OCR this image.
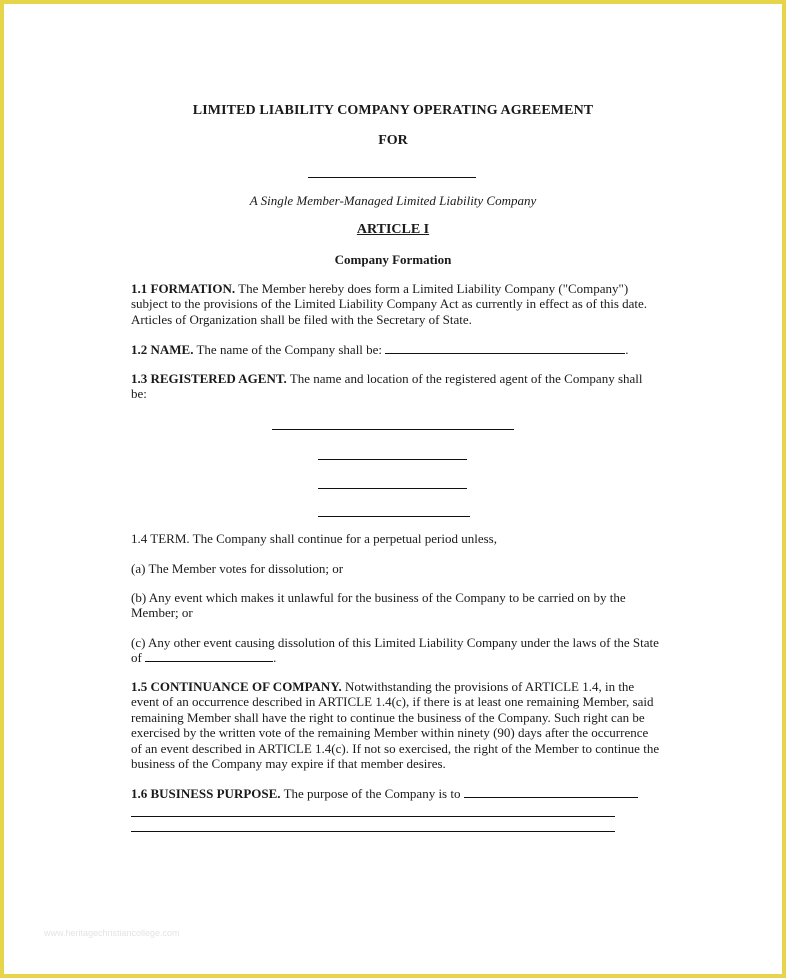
LIMITED LIABILITY COMPANY OPERATING AGREEMENT
FOR
A Single Member-Managed Limited Liability Company
ARTICLE I
Company Formation
1.1 FORMATION. The Member hereby does form a Limited Liability Company ("Company") subject to the provisions of the Limited Liability Company Act as currently in effect as of this date. Articles of Organization shall be filed with the Secretary of State.
1.2 NAME. The name of the Company shall be:	.
1.3 REGISTERED AGENT. The name and location of the registered agent of the Company shall be:
1.4 TERM. The Company shall continue for a perpetual period unless,
(a) The Member votes for dissolution; or
(b) Any event which makes it unlawful for the business of the Company to be carried on by the Member; or
(c) Any other event causing dissolution of this Limited Liability Company under the laws of the State of	.
1.5 CONTINUANCE OF COMPANY. Notwithstanding the provisions of ARTICLE 1.4, in the event of an occurrence described in ARTICLE 1.4(c), if there is at least one remaining Member, said remaining Member shall have the right to continue the business of the Company. Such right can be exercised by the written vote of the remaining Member within ninety (90) days after the occurrence of an event described in ARTICLE 1.4(c). If not so exercised, the right of the Member to continue the business of the Company may expire if that member desires.
1.6 BUSINESS PURPOSE. The purpose of the Company is to
www.heritagechristiancollege.com
